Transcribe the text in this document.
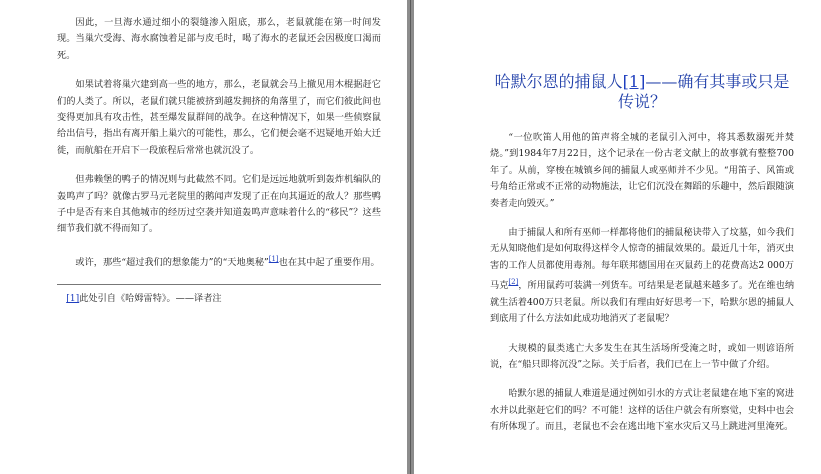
因此，一旦海水通过细小的裂缝渗入阻底，那么，老鼠就能在第一时间发现。当巢穴受海、海水腐蚀着足部与皮毛时，喝了海水的老鼠还会因极度口渴而死。

如果试着将巢穴建到高一些的地方，那么，老鼠就会马上撤见用木棍据赶它们的人类了。所以，老鼠们就只能被挤到越发拥挤的角落里了，而它们彼此间也变得更加具有攻击性，甚至爆发鼠群间的战争。在这种情况下，如果一些侦察鼠给出信号，指出有离开船上巢穴的可能性，那么，它们便会毫不迟疑地开始大迁徙，而航船在开启下一段旅程后常常也就沉没了。

但弗赖堡的鸭子的情况则与此截然不同。它们是远远地就听到轰炸机编队的轰鸣声了吗？就像古罗马元老院里的鹅闻声发现了正在向其逼近的敌人？那些鸭子中是否有来自其他城市的经历过空袭并知道轰鸣声意味着什么的“移民”？这些细节我们就不得而知了。

或许，那些“超过我们的想象能力”的“天地奥秘”[1]也在其中起了重要作用。

[1]此处引自《哈姆雷特》。——译者注

哈默尔恩的捕鼠人[1]——确有其事或只是传说？

“一位吹笛人用他的笛声将全城的老鼠引入河中，将其悉数溺死并焚烧。”到1984年7月22日，这个记录在一份古老文献上的故事就有整整700年了。从前，穿梭在城镇乡间的捕鼠人或巫师并不少见。“用笛子、风笛或号角给正常或不正常的动物施法，让它们沉没在舞蹈的乐趣中，然后跟随演奏者走向毁灭。”

由于捕鼠人和所有巫师一样都将他们的捕鼠秘诀带入了坟墓，如今我们无从知晓他们是如何取得这样令人惊奇的捕鼠效果的。最近几十年，消灭虫害的工作人员都使用毒剂。每年联邦德国用在灭鼠药上的花费高达2 000万马克[2]，所用鼠药可装满一列货车。可结果是老鼠越来越多了。光在维也纳就生活着400万只老鼠。所以我们有理由好好思考一下，哈默尔恩的捕鼠人到底用了什么方法如此成功地消灭了老鼠呢？

大规模的鼠类逃亡大多发生在其生活场所受淹之时，或如一则谚语所说，在“船只即将沉没”之际。关于后者，我们已在上一节中做了介绍。

哈默尔恩的捕鼠人难道是通过例如引水的方式让老鼠建在地下室的窝进水并以此驱赶它们的吗？不可能！这样的话住户就会有所察觉，史料中也会有所体现了。而且，老鼠也不会在逃出地下室水灾后又马上跳进河里淹死。
